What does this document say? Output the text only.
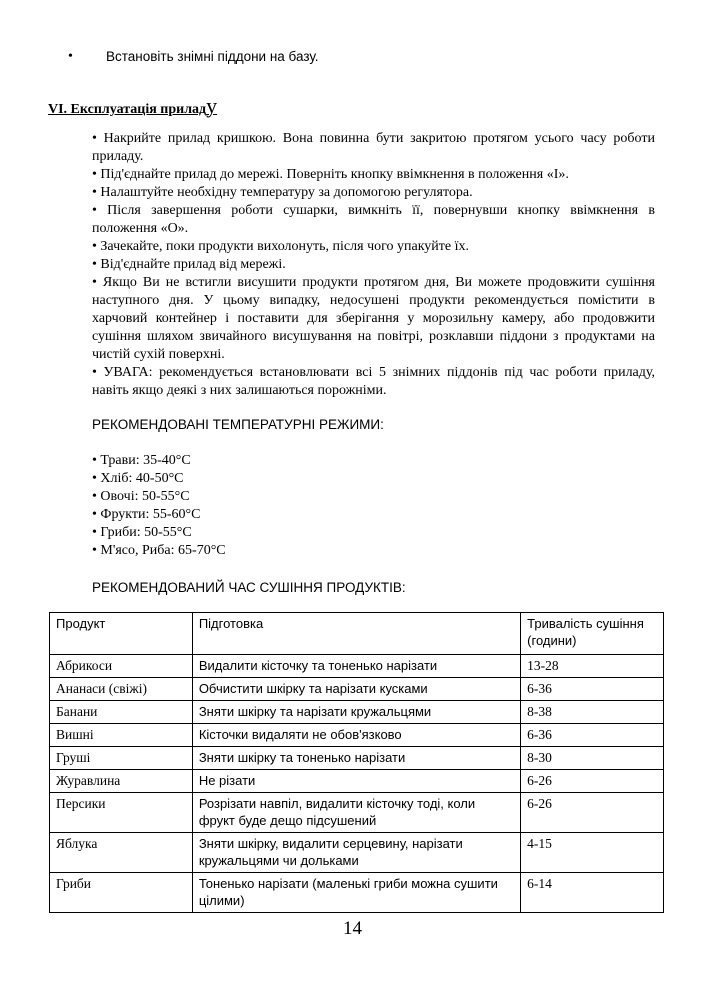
• Встановіть знімні піддони на базу.
VI. Експлуатація приладу

• Накрийте прилад кришкою. Вона повинна бути закритою протягом усього часу роботи приладу.

• Під'єднайте прилад до мережі. Поверніть кнопку ввімкнення в положення «І».

• Налаштуйте необхідну температуру за допомогою регулятора.

• Після завершення роботи сушарки, вимкніть її, повернувши кнопку ввімкнення в положення «О».

• Зачекайте, поки продукти вихолонуть, після чого упакуйте їх.

• Від'єднайте прилад від мережі.

• Якщо Ви не встигли висушити продукти протягом дня, Ви можете продовжити сушіння наступного дня. У цьому випадку, недосушені продукти рекомендується помістити в харчовий контейнер і поставити для зберігання у морозильну камеру, або продовжити сушіння шляхом звичайного висушування на повітрі, розклавши піддони з продуктами на чистій сухій поверхні.

• УВАГА: рекомендується встановлювати всі 5 знімних піддонів під час роботи приладу, навіть якщо деякі з них залишаються порожніми.

РЕКОМЕНДОВАНІ ТЕМПЕРАТУРНІ РЕЖИМИ:
• Трави: 35-40°С
• Хліб: 40-50°С
• Овочі: 50-55°С
• Фрукти: 55-60°С
• Гриби: 50-55°С
• М'ясо, Риба: 65-70°С
РЕКОМЕНДОВАНИЙ ЧАС СУШІННЯ ПРОДУКТІВ:
Продукт	Підготовка	Тривалість сушіння (години)
Абрикоси	Видалити кісточку та тоненько нарізати	13-28
Ананаси (свіжі)	Обчистити шкірку та нарізати кусками	6-36
Банани	Зняти шкірку та нарізати кружальцями	8-38
Вишні	Кісточки видаляти не обов'язково	6-36
Груші	Зняти шкірку та тоненько нарізати	8-30
Журавлина	Не різати	6-26
Персики	Розрізати навпіл, видалити кісточку тоді, коли фрукт буде дещо підсушений	6-26
Яблука	Зняти шкірку, видалити серцевину, нарізати кружальцями чи дольками	4-15
Гриби	Тоненько нарізати (маленькі гриби можна сушити цілими)	6-14
14
